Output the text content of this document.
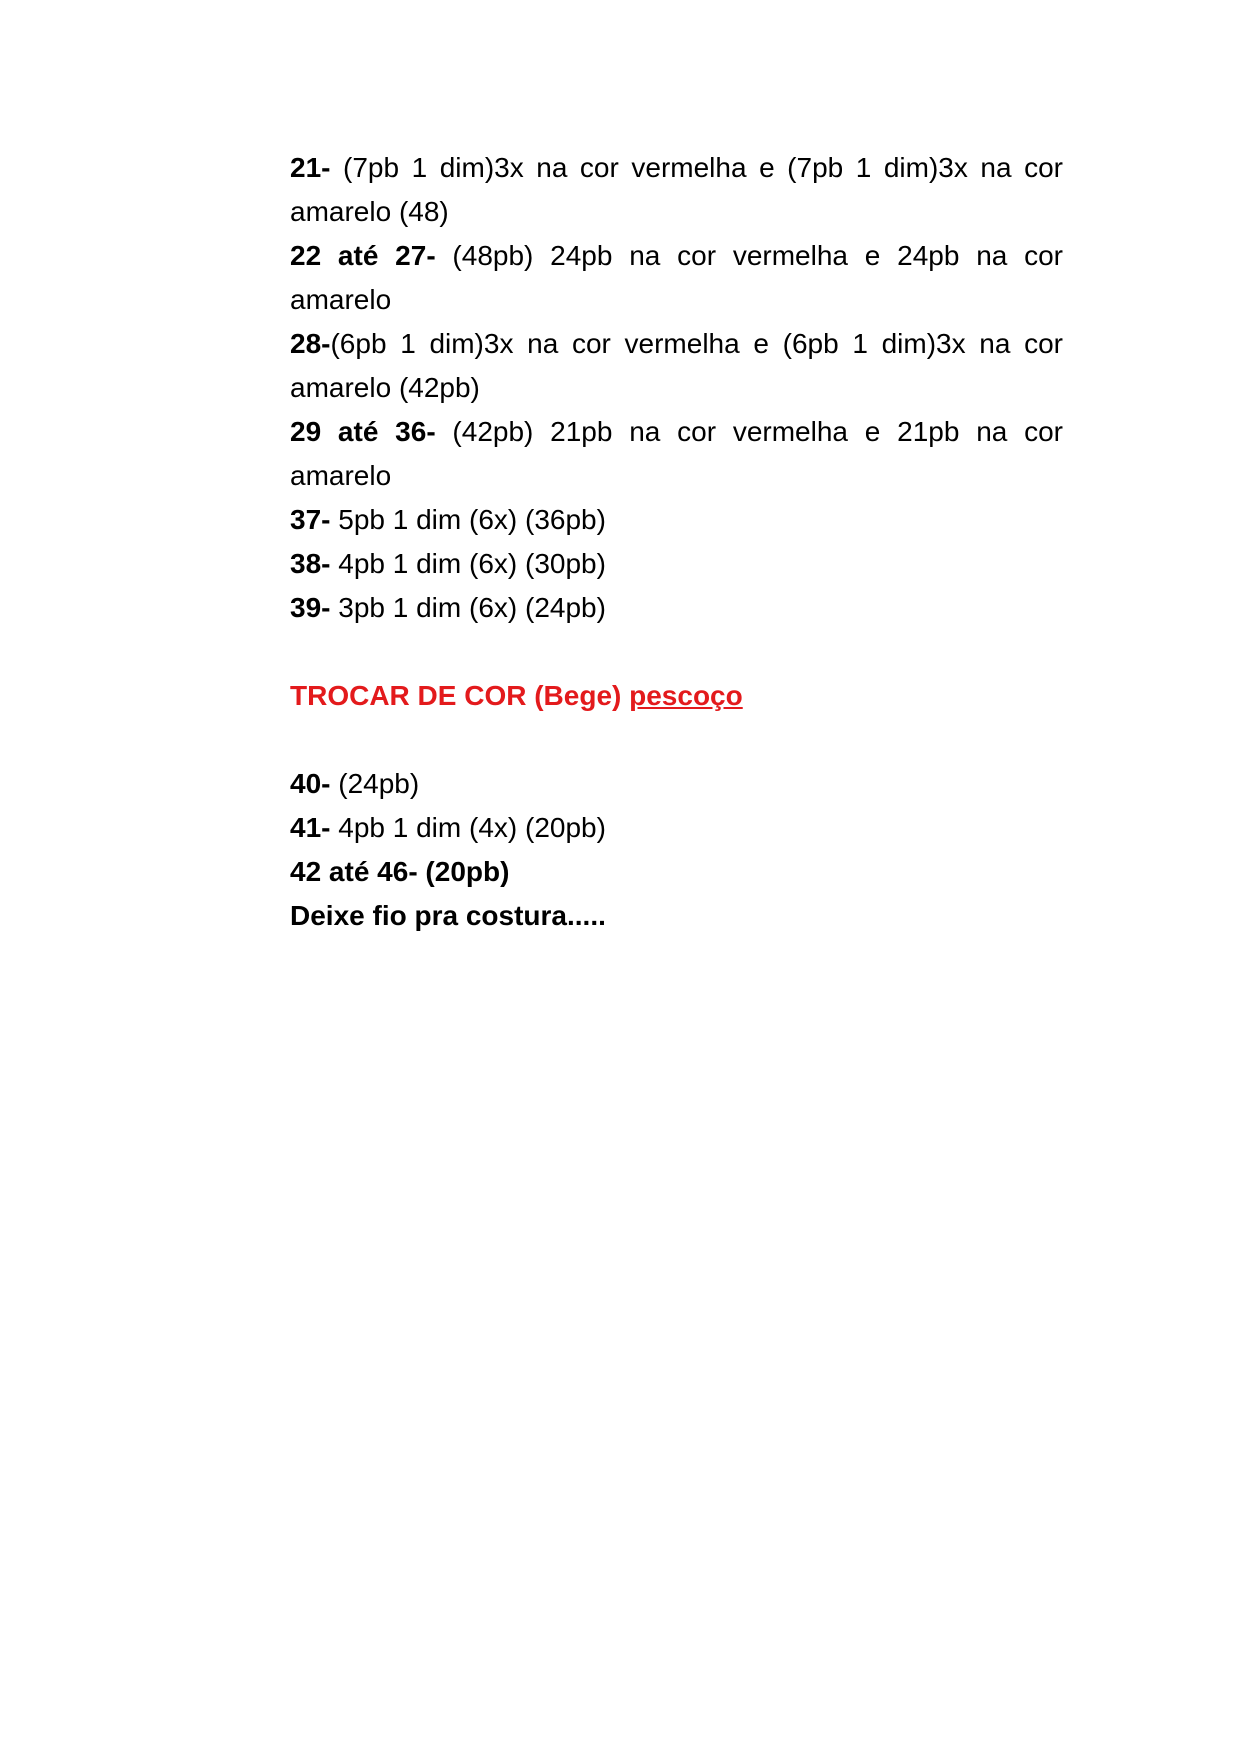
21- (7pb 1 dim)3x na cor vermelha e (7pb 1 dim)3x na cor amarelo (48)

22 até 27- (48pb) 24pb na cor vermelha e 24pb na cor amarelo

28-(6pb 1 dim)3x na cor vermelha e (6pb 1 dim)3x na cor amarelo (42pb)

29 até 36- (42pb) 21pb na cor vermelha e 21pb na cor amarelo

37- 5pb 1 dim (6x) (36pb)

38- 4pb 1 dim (6x) (30pb)

39- 3pb 1 dim (6x) (24pb)

TROCAR DE COR (Bege) pescoço

40- (24pb)

41- 4pb 1 dim (4x) (20pb)

42 até 46- (20pb)

Deixe fio pra costura.....
